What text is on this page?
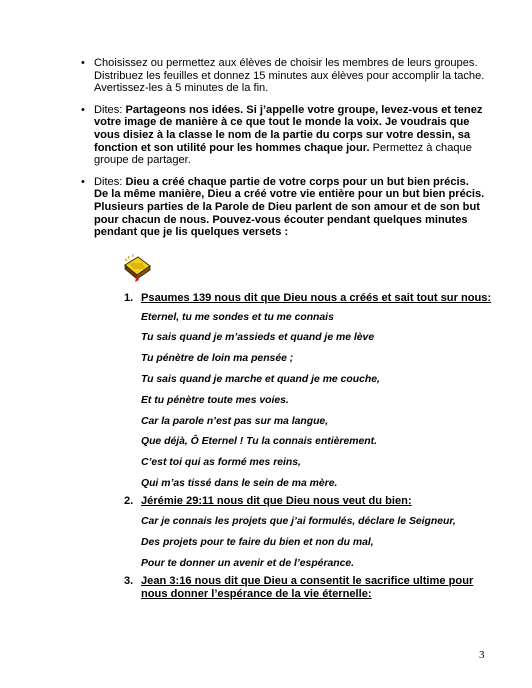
• Choisissez ou permettez aux élèves de choisir les membres de leurs groupes. Distribuez les feuilles et donnez 15 minutes aux élèves pour accomplir la tache. Avertissez-les à 5 minutes de la fin.
• Dites: Partageons nos idées. Si j’appelle votre groupe, levez-vous et tenez votre image de manière à ce que tout le monde la voix. Je voudrais que vous disiez à la classe le nom de la partie du corps sur votre dessin, sa fonction et son utilité pour les hommes chaque jour. Permettez à chaque groupe de partager.
• Dites: Dieu a créé chaque partie de votre corps pour un but bien précis. De la même manière, Dieu a créé votre vie entière pour un but bien précis. Plusieurs parties de la Parole de Dieu parlent de son amour et de son but pour chacun de nous. Pouvez-vous écouter pendant quelques minutes pendant que je lis quelques versets :
1. Psaumes 139 nous dit que Dieu nous a créés et sait tout sur nous:
Eternel, tu me sondes et tu me connais
Tu sais quand je m’assieds et quand je me lève
Tu pénètre de loin ma pensée ;
Tu sais quand je marche et quand je me couche,
Et tu pénètre toute mes voies.
Car la parole n’est pas sur ma langue,
Que déjà, Ô Eternel ! Tu la connais entièrement.
C’est toi qui as formé mes reins,
Qui m’as tissé dans le sein de ma mère.
2. Jérémie 29:11 nous dit que Dieu nous veut du bien:
Car je connais les projets que j’ai formulés, déclare le Seigneur,
Des projets pour te faire du bien et non du mal,
Pour te donner un avenir et de l’espérance.
3. Jean 3:16 nous dit que Dieu a consentit le sacrifice ultime pour nous donner l’espérance de la vie éternelle:
3
